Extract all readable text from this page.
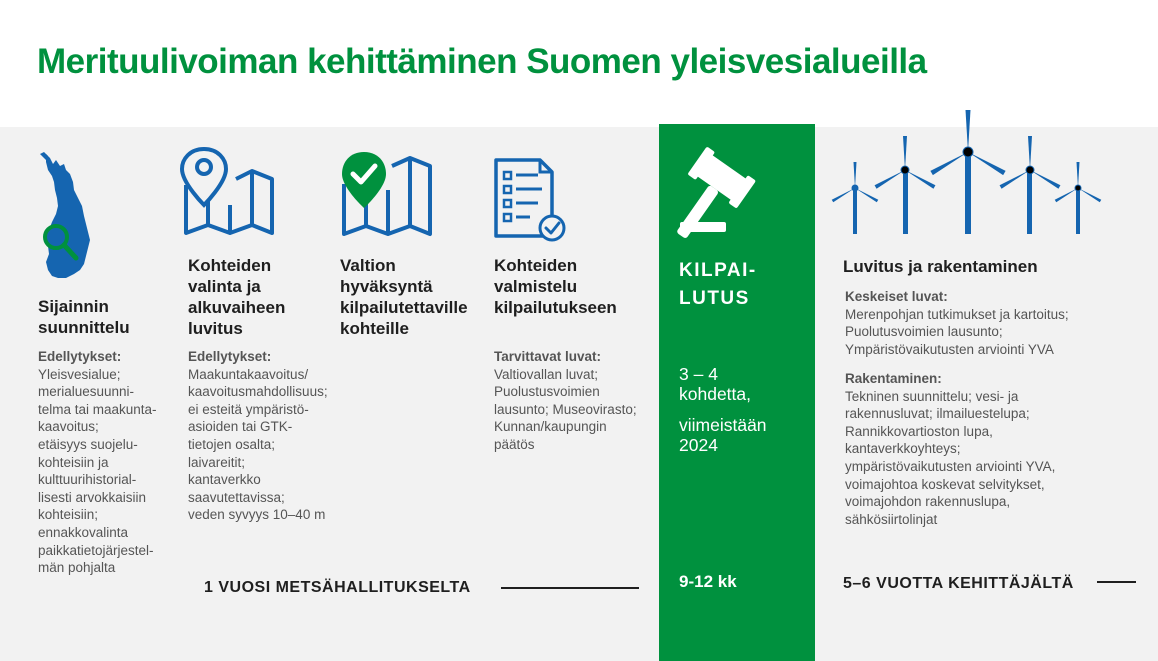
Merituulivoiman kehittäminen Suomen yleisvesialueilla
Sijainnin
suunnittelu
Edellytykset:
Yleisvesialue;
merialuesuunni-
telma tai maakunta-
kaavoitus;
etäisyys suojelu-
kohteisiin ja
kulttuurihistorial-
lisesti arvokkaisiin
kohteisiin;
ennakkovalinta
paikkatietojärjestel-
män pohjalta
Kohteiden
valinta ja
alkuvaiheen
luvitus
Edellytykset:
Maakuntakaavoitus/
kaavoitusmahdollisuus;
ei esteitä ympäristö-
asioiden tai GTK-
tietojen osalta;
laivareitit;
kantaverkko
saavutettavissa;
veden syvyys 10–40 m
Valtion
hyväksyntä
kilpailutettaville
kohteille
Kohteiden
valmistelu
kilpailutukseen
Tarvittavat luvat:
Valtiovallan luvat;
Puolustusvoimien
lausunto; Museovirasto;
Kunnan/kaupungin
päätös
KILPAI-
LUTUS
3 – 4
kohdetta,
viimeistään
2024
9-12 kk
Luvitus ja rakentaminen
Keskeiset luvat:
Merenpohjan tutkimukset ja kartoitus;
Puolutusvoimien lausunto;
Ympäristövaikutusten arviointi YVA
Rakentaminen:
Tekninen suunnittelu; vesi- ja
rakennusluvat; ilmailuestelupa;
Rannikkovartioston lupa,
kantaverkkoyhteys;
ympäristövaikutusten arviointi YVA,
voimajohtoa koskevat selvitykset,
voimajohdon rakennuslupa,
sähkösiirtolinjat
1 VUOSI METSÄHALLITUKSELTA	5–6 VUOTTA KEHITTÄJÄLTÄ
